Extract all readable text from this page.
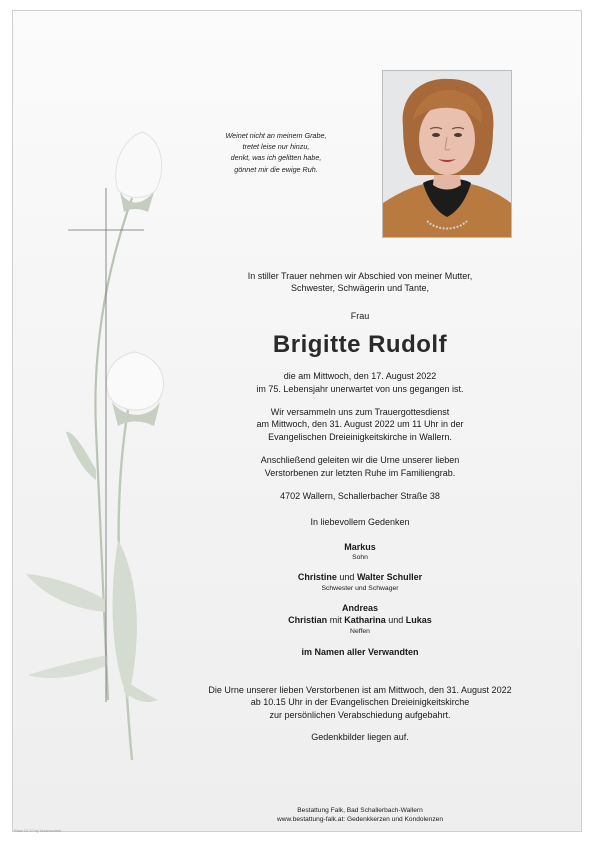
Weinet nicht an meinem Grabe,
tretet leise nur hinzu,
denkt, was ich gelitten habe,
gönnet mir die ewige Ruh.

In stiller Trauer nehmen wir Abschied von meiner Mutter,

Schwester, Schwägerin und Tante,

Frau

Brigitte Rudolf

die am Mittwoch, den 17. August 2022

im 75. Lebensjahr unerwartet von uns gegangen ist.

Wir versammeln uns zum Trauergottesdienst

am Mittwoch, den 31. August 2022 um 11 Uhr in der

Evangelischen Dreieinigkeitskirche in Wallern.

Anschließend geleiten wir die Urne unserer lieben

Verstorbenen zur letzten Ruhe im Familiengrab.

4702 Wallern, Schallerbacher Straße 38

In liebevollem Gedenken

Markus

Sohn

Christine und Walter Schuller

Schwester und Schwager

Andreas

Christian mit Katharina und Lukas

Neffen

im Namen aller Verwandten

Die Urne unserer lieben Verstorbenen ist am Mittwoch, den 31. August 2022

ab 10.15 Uhr in der Evangelischen Dreieinigkeitskirche

zur persönlichen Verabschiedung aufgebahrt.

Gedenkbilder liegen auf.

Bestattung Falk, Bad Schallerbach-Wallern
www.bestattung-falk.at: Gedenkkerzen und Kondolenzen
Rose 10-10 by Urschmolme
